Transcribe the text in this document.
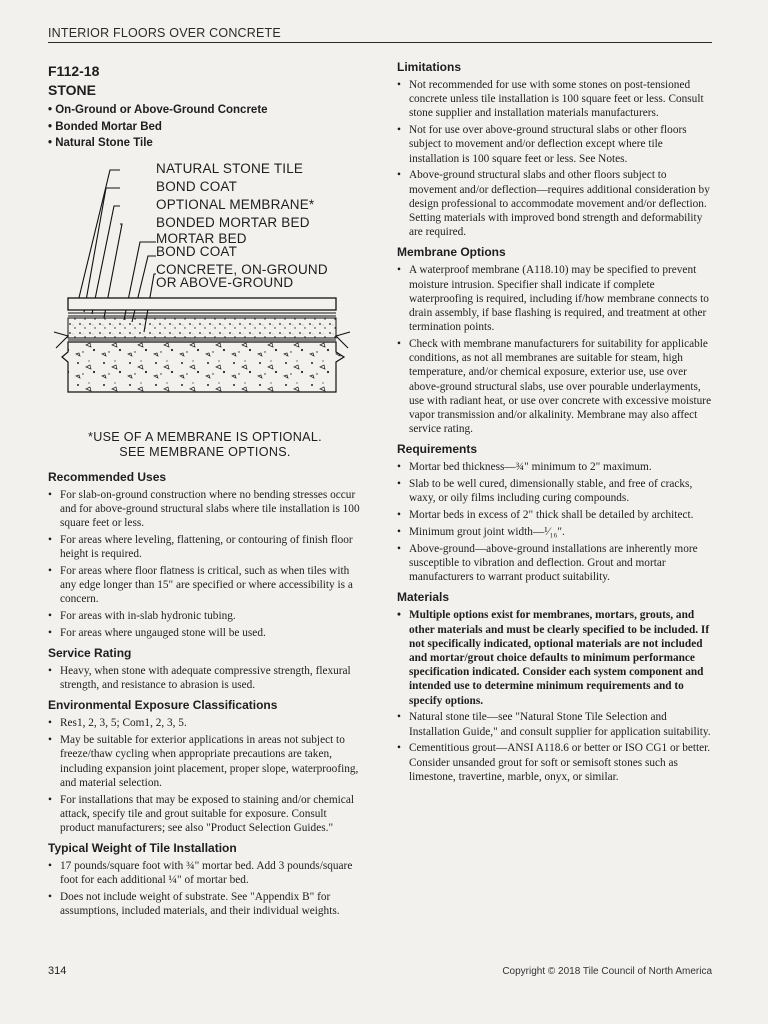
INTERIOR FLOORS OVER CONCRETE
F112-18
STONE
• On-Ground or Above-Ground Concrete
• Bonded Mortar Bed
• Natural Stone Tile
NATURAL STONE TILE
BOND COAT
OPTIONAL MEMBRANE*
BONDED MORTAR BED
MORTAR BED
BOND COAT
CONCRETE, ON-GROUND
OR ABOVE-GROUND
*USE OF A MEMBRANE IS OPTIONAL.
SEE MEMBRANE OPTIONS.
Recommended Uses
• For slab-on-ground construction where no bending stresses occur and for above-ground structural slabs where tile installation is 100 square feet or less.
• For areas where leveling, flattening, or contouring of finish floor height is required.
• For areas where floor flatness is critical, such as when tiles with any edge longer than 15" are specified or where accessibility is a concern.
• For areas with in-slab hydronic tubing.
• For areas where ungauged stone will be used.
Service Rating
• Heavy, when stone with adequate compressive strength, flexural strength, and resistance to abrasion is used.
Environmental Exposure Classifications
• Res1, 2, 3, 5; Com1, 2, 3, 5.
• May be suitable for exterior applications in areas not subject to freeze/thaw cycling when appropriate precautions are taken, including expansion joint placement, proper slope, waterproofing, and material selection.
• For installations that may be exposed to staining and/or chemical attack, specify tile and grout suitable for exposure. Consult product manufacturers; see also "Product Selection Guides."
Typical Weight of Tile Installation
• 17 pounds/square foot with ¾" mortar bed. Add 3 pounds/square foot for each additional ¼" of mortar bed.
• Does not include weight of substrate. See "Appendix B" for assumptions, included materials, and their individual weights.
Limitations
• Not recommended for use with some stones on post-tensioned concrete unless tile installation is 100 square feet or less. Consult stone supplier and installation materials manufacturers.
• Not for use over above-ground structural slabs or other floors subject to movement and/or deflection except where tile installation is 100 square feet or less. See Notes.
• Above-ground structural slabs and other floors subject to movement and/or deflection—requires additional consideration by design professional to accommodate movement and/or deflection. Setting materials with improved bond strength and deformability are required.
Membrane Options
• A waterproof membrane (A118.10) may be specified to prevent moisture intrusion. Specifier shall indicate if complete waterproofing is required, including if/how membrane connects to drain assembly, if base flashing is required, and treatment at other termination points.
• Check with membrane manufacturers for suitability for applicable conditions, as not all membranes are suitable for steam, high temperature, and/or chemical exposure, exterior use, use over above-ground structural slabs, use over pourable underlayments, use with radiant heat, or use over concrete with excessive moisture vapor transmission and/or alkalinity. Membrane may also affect service rating.
Requirements
• Mortar bed thickness—¾" minimum to 2" maximum.
• Slab to be well cured, dimensionally stable, and free of cracks, waxy, or oily films including curing compounds.
• Mortar beds in excess of 2" thick shall be detailed by architect.
• Minimum grout joint width—¹⁄₁₆".
• Above-ground—above-ground installations are inherently more susceptible to vibration and deflection. Grout and mortar manufacturers to warrant product suitability.
Materials
• Multiple options exist for membranes, mortars, grouts, and other materials and must be clearly specified to be included. If not specifically indicated, optional materials are not included and mortar/grout choice defaults to minimum performance specification indicated. Consider each system component and intended use to determine minimum requirements and to specify options.
• Natural stone tile—see "Natural Stone Tile Selection and Installation Guide," and consult supplier for application suitability.
• Cementitious grout—ANSI A118.6 or better or ISO CG1 or better. Consider unsanded grout for soft or semisoft stones such as limestone, travertine, marble, onyx, or similar.
314	Copyright © 2018 Tile Council of North America
